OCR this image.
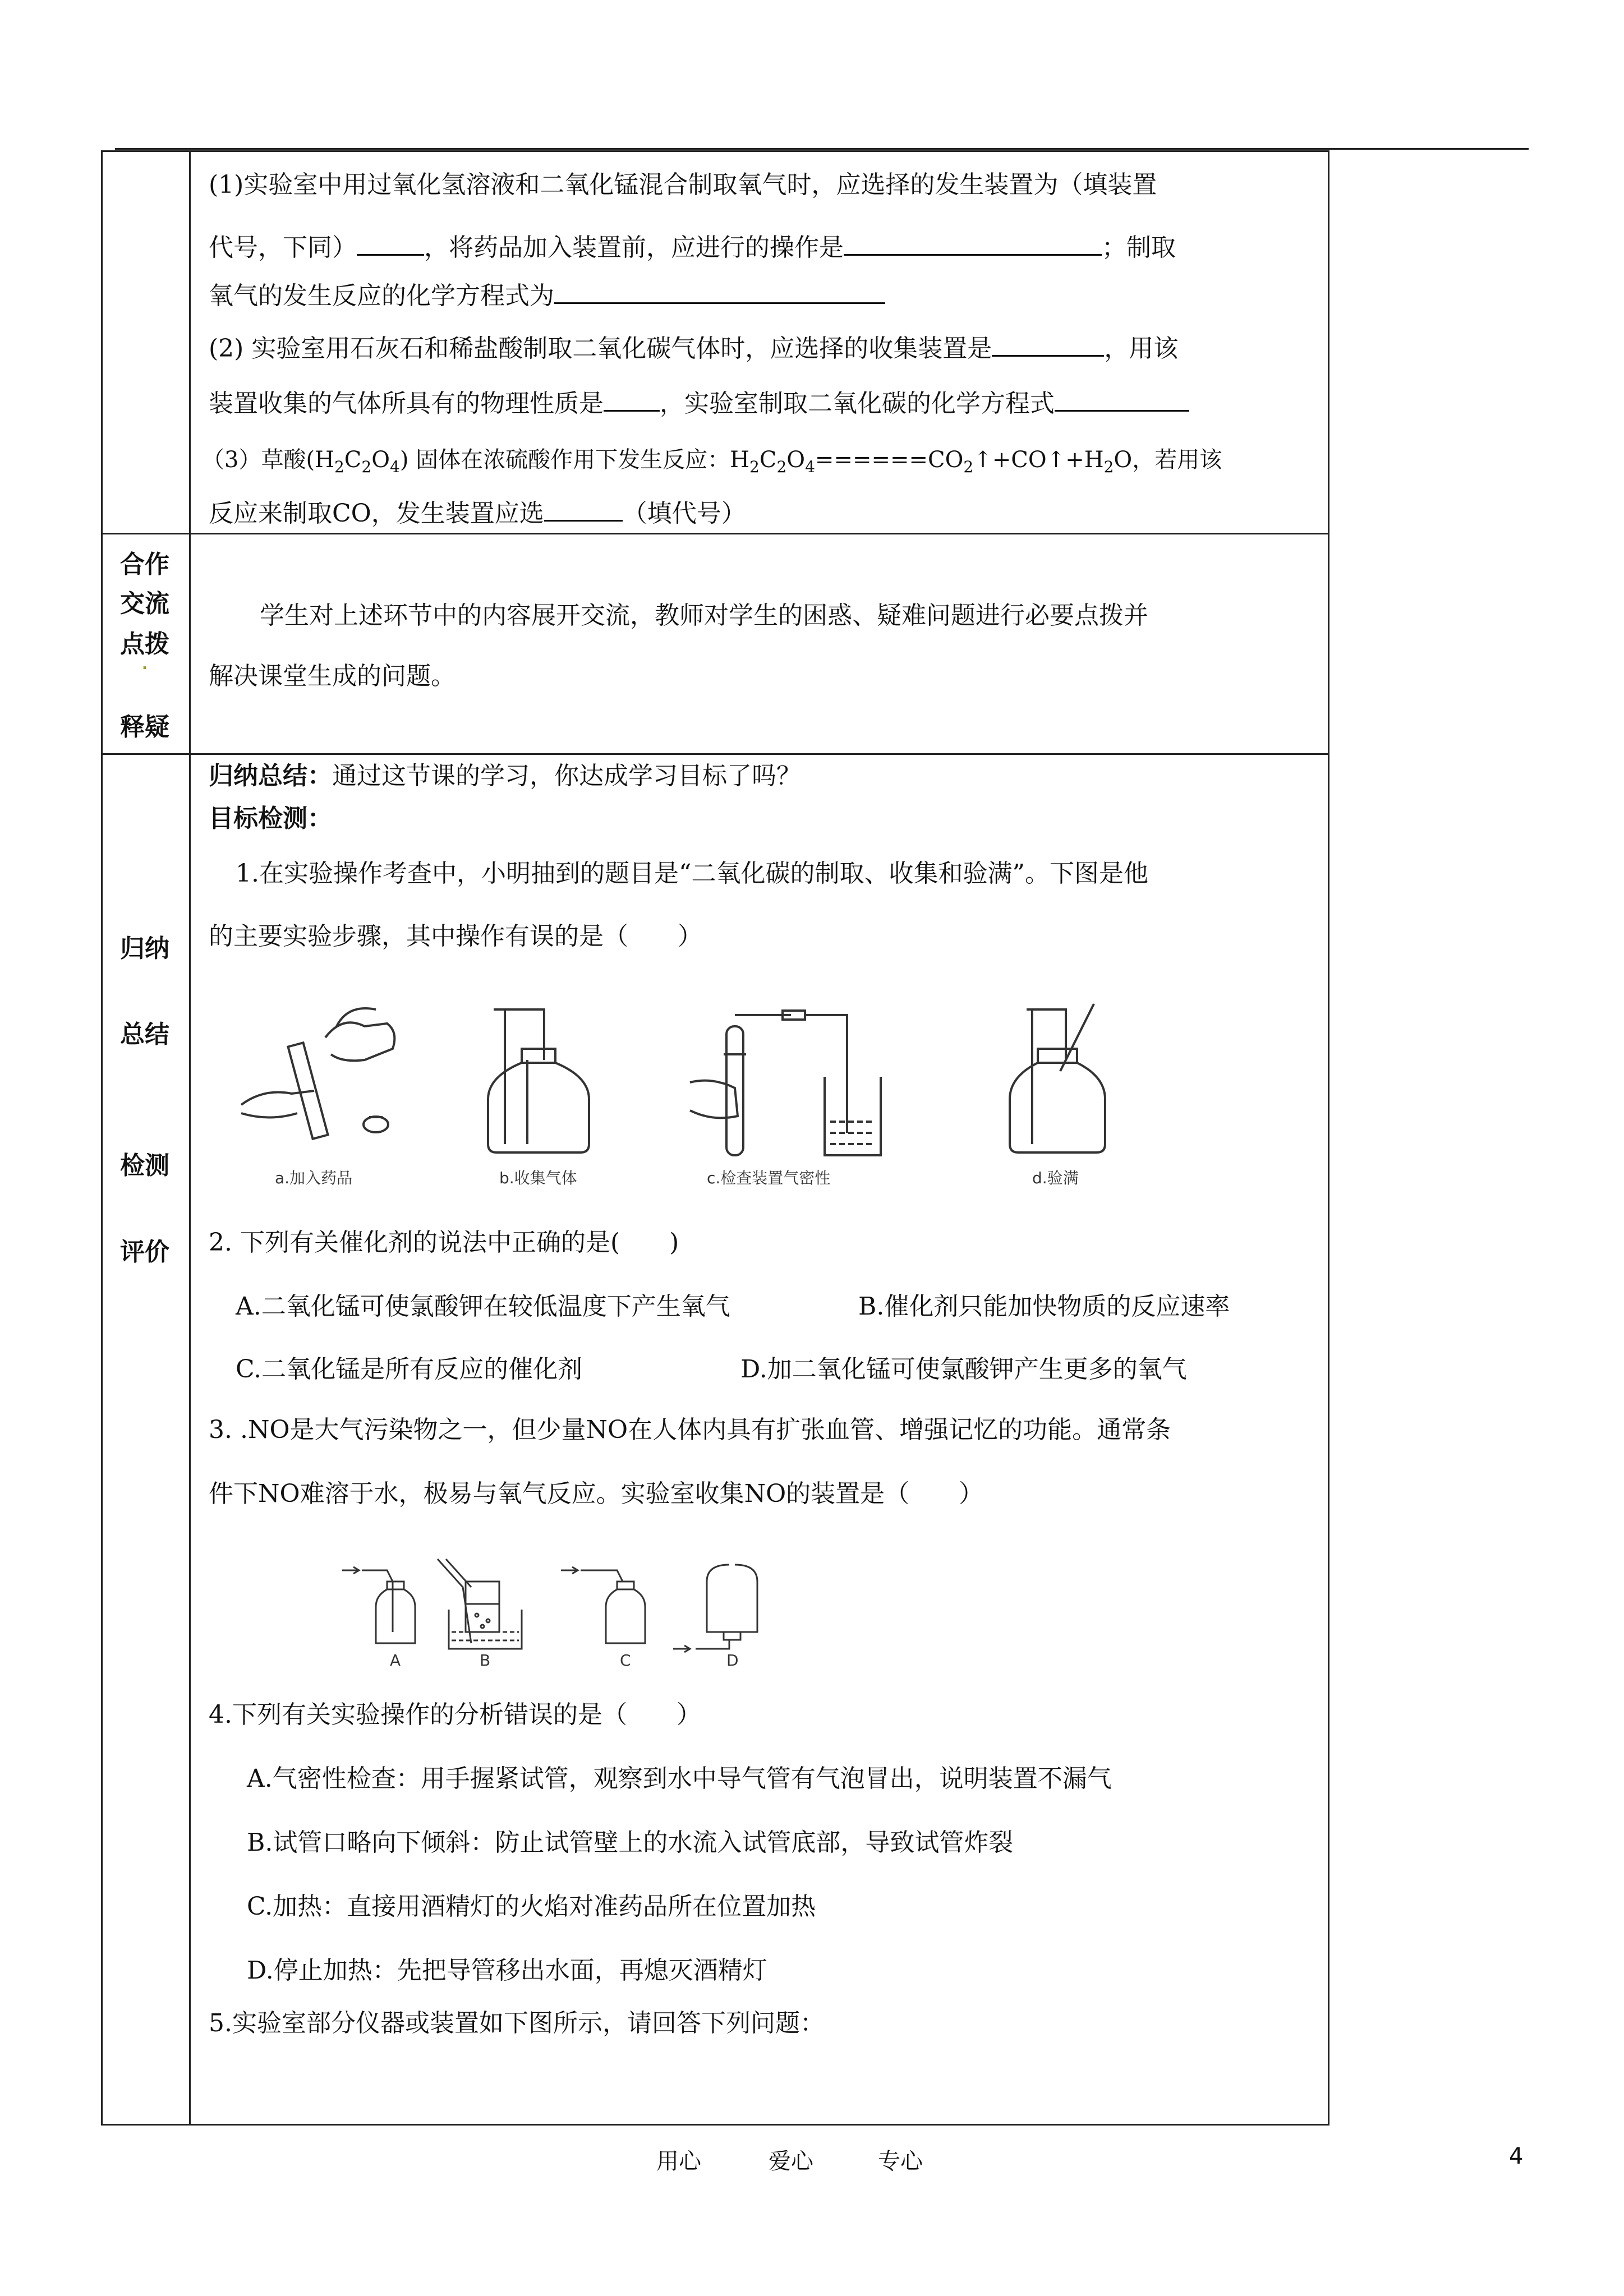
(1)实验室中用过氧化氢溶液和二氧化锰混合制取氧气时，应选择的发生装置为（填装置
代号，下同）	，将药品加入装置前，应进行的操作是	；制取
氧气的发生反应的化学方程式为
(2) 实验室用石灰石和稀盐酸制取二氧化碳气体时，应选择的收集装置是	，用该
装置收集的气体所具有的物理性质是 ，实验室制取二氧化碳的化学方程式
（3）草酸$(H_2C_2O_4)$ 固体在浓硫酸作用下发生反应：$H_2C_2O_4======CO_2↑+CO↑+H_2O$，若用该
反应来制取CO，发生装置应选	（填代号）
合作
交流
点拨
.
释疑
学生对上述环节中的内容展开交流，教师对学生的困惑、疑难问题进行必要点拨并
解决课堂生成的问题。
归纳
总结
检测
评价
归纳总结：通过这节课的学习，你达成学习目标了吗？
目标检测：
1.在实验操作考查中，小明抽到的题目是“二氧化碳的制取、收集和验满”。下图是他
的主要实验步骤，其中操作有误的是（　　）
a.加入药品	b.收集气体	c.检查装置气密性	d.验满
2. 下列有关催化剂的说法中正确的是(　　)
A.二氧化锰可使氯酸钾在较低温度下产生氧气	B.催化剂只能加快物质的反应速率
C.二氧化锰是所有反应的催化剂	D.加二氧化锰可使氯酸钾产生更多的氧气
3. .NO是大气污染物之一，但少量NO在人体内具有扩张血管、增强记忆的功能。通常条
件下NO难溶于水，极易与氧气反应。实验室收集NO的装置是（　　）
A	B	C	D
4.下列有关实验操作的分析错误的是（　　）
A.气密性检查：用手握紧试管，观察到水中导气管有气泡冒出，说明装置不漏气
B.试管口略向下倾斜：防止试管壁上的水流入试管底部，导致试管炸裂
C.加热：直接用酒精灯的火焰对准药品所在位置加热
D.停止加热：先把导管移出水面，再熄灭酒精灯
5.实验室部分仪器或装置如下图所示，请回答下列问题：
用心	爱心	专心	4
